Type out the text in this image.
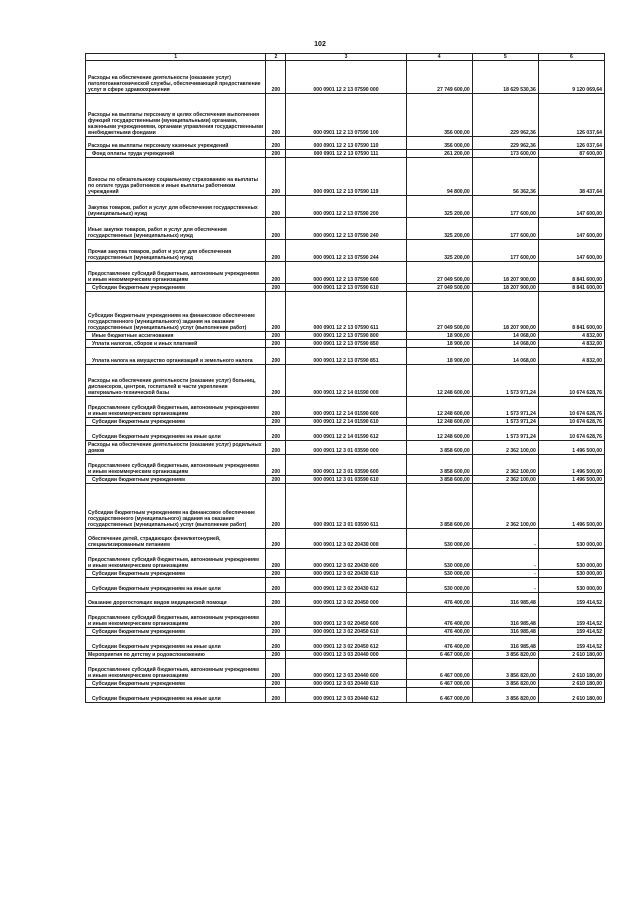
102
1	2	3	4	5	6
Расходы на обеспечение деятельности (оказание услуг) патологоанатомической службы, обеспечивающей предоставление услуг в сфере здравоохранения	200	000 0901 12 2 13 07590 000	27 749 600,00	18 629 530,36	9 120 069,64
Расходы на выплаты персоналу в целях обеспечения выполнения функций государственными (муниципальными) органами, казенными учреждениями, органами управления государственными внебюджетными фондами	200	000 0901 12 2 13 07590 100	356 000,00	229 962,36	126 037,64
Расходы на выплаты персоналу казенных учреждений	200	000 0901 12 2 13 07590 110	356 000,00	229 962,36	126 037,64
Фонд оплаты труда учреждений	200	000 0901 12 2 13 07590 111	261 200,00	173 600,00	87 600,00
Взносы по обязательному социальному страхованию на выплаты по оплате труда работников и иные выплаты работникам учреждений	200	000 0901 12 2 13 07590 119	94 800,00	56 362,36	38 437,64
Закупка товаров, работ и услуг для обеспечения государственных (муниципальных) нужд	200	000 0901 12 2 13 07590 200	325 200,00	177 600,00	147 600,00
Иные закупки товаров, работ и услуг для обеспечения государственных (муниципальных) нужд	200	000 0901 12 2 13 07590 240	325 200,00	177 600,00	147 600,00
Прочая закупка товаров, работ и услуг для обеспечения государственных (муниципальных) нужд	200	000 0901 12 2 13 07590 244	325 200,00	177 600,00	147 600,00
Предоставление субсидий бюджетным, автономным учреждениям и иным некоммерческим организациям	200	000 0901 12 2 13 07590 600	27 049 500,00	18 207 900,00	8 841 600,00
Субсидии бюджетным учреждениям	200	000 0901 12 2 13 07590 610	27 049 500,00	18 207 900,00	8 841 600,00
Субсидии бюджетным учреждениям на финансовое обеспечение государственного (муниципального) задания на оказание государственных (муниципальных) услуг (выполнение работ)	200	000 0901 12 2 13 07590 611	27 049 500,00	18 207 900,00	8 841 600,00
Иные бюджетные ассигнования	200	000 0901 12 2 13 07590 800	18 900,00	14 068,00	4 832,00
Уплата налогов, сборов и иных платежей	200	000 0901 12 2 13 07590 850	18 900,00	14 068,00	4 832,00
Уплата налога на имущество организаций и земельного налога	200	000 0901 12 2 13 07590 851	18 900,00	14 068,00	4 832,00
Расходы на обеспечение деятельности (оказание услуг) больниц, диспансеров, центров, госпиталей в части укрепления материально-технической базы	200	000 0901 12 2 14 01590 000	12 248 600,00	1 573 971,24	10 674 628,76
Предоставление субсидий бюджетным, автономным учреждениям и иным некоммерческим организациям	200	000 0901 12 2 14 01590 600	12 248 600,00	1 573 971,24	10 674 628,76
Субсидии бюджетным учреждениям	200	000 0901 12 2 14 01590 610	12 248 600,00	1 573 971,24	10 674 628,76
Субсидии бюджетным учреждениям на иные цели	200	000 0901 12 2 14 01590 612	12 248 600,00	1 573 971,24	10 674 628,76
Расходы на обеспечение деятельности (оказание услуг) родильных домов	200	000 0901 12 3 01 03590 000	3 858 600,00	2 362 100,00	1 496 500,00
Предоставление субсидий бюджетным, автономным учреждениям и иным некоммерческим организациям	200	000 0901 12 3 01 03590 600	3 858 600,00	2 362 100,00	1 496 500,00
Субсидии бюджетным учреждениям	200	000 0901 12 3 01 03590 610	3 858 600,00	2 362 100,00	1 496 500,00
Субсидии бюджетным учреждениям на финансовое обеспечение государственного (муниципального) задания на оказание государственных (муниципальных) услуг (выполнение работ)	200	000 0901 12 3 01 03590 611	3 858 600,00	2 362 100,00	1 496 500,00
Обеспечение детей, страдающих фенилкетонурией, специализированным питанием	200	000 0901 12 3 02 20430 000	530 000,00	-	530 000,00
Предоставление субсидий бюджетным, автономным учреждениям и иным некоммерческим организациям	200	000 0901 12 3 02 20430 600	530 000,00	-	530 000,00
Субсидии бюджетным учреждениям	200	000 0901 12 3 02 20430 610	530 000,00	-	530 000,00
Субсидии бюджетным учреждениям на иные цели	200	000 0901 12 3 02 20430 612	530 000,00	-	530 000,00
Оказание дорогостоящих видов медицинской помощи	200	000 0901 12 3 02 20450 000	476 400,00	316 985,48	159 414,52
Предоставление субсидий бюджетным, автономным учреждениям и иным некоммерческим организациям	200	000 0901 12 3 02 20450 600	476 400,00	316 985,48	159 414,52
Субсидии бюджетным учреждениям	200	000 0901 12 3 02 20450 610	476 400,00	316 985,48	159 414,52
Субсидии бюджетным учреждениям на иные цели	200	000 0901 12 3 02 20450 612	476 400,00	316 985,48	159 414,52
Мероприятия по детству и родовспоможению	200	000 0901 12 3 03 20440 000	6 467 000,00	3 856 820,00	2 610 180,00
Предоставление субсидий бюджетным, автономным учреждениям и иным некоммерческим организациям	200	000 0901 12 3 03 20440 600	6 467 000,00	3 856 820,00	2 610 180,00
Субсидии бюджетным учреждениям	200	000 0901 12 3 03 20440 610	6 467 000,00	3 856 820,00	2 610 180,00
Субсидии бюджетным учреждениям на иные цели	200	000 0901 12 3 03 20440 612	6 467 000,00	3 856 820,00	2 610 180,00
